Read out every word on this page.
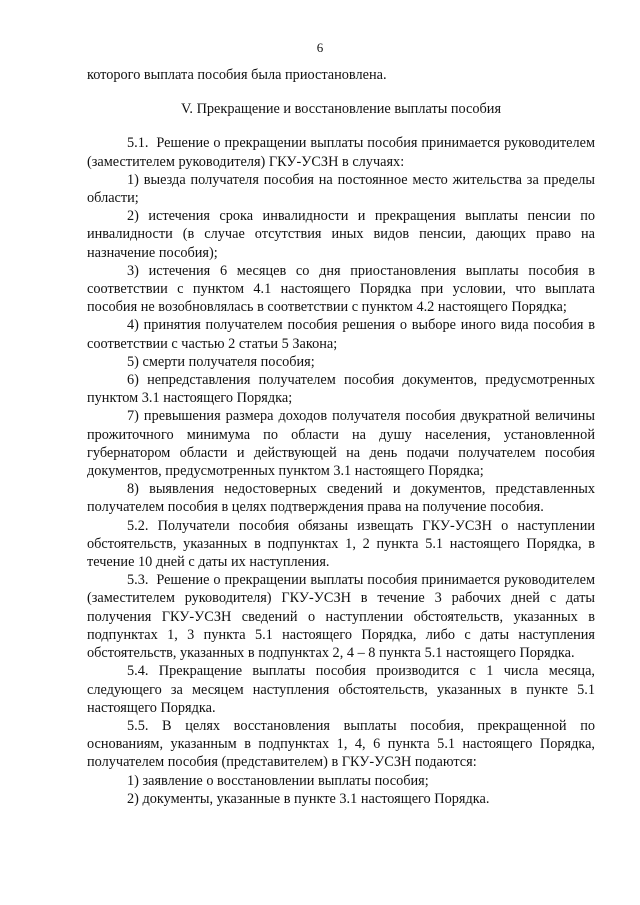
6

которого выплата пособия была приостановлена.

V. Прекращение и восстановление выплаты пособия

5.1.  Решение о прекращении выплаты пособия принимается руководителем (заместителем руководителя) ГКУ-УСЗН в случаях:

1) выезда получателя пособия на постоянное место жительства за пределы области;

2) истечения срока инвалидности и прекращения выплаты пенсии по инвалидности (в случае отсутствия иных видов пенсии, дающих право на назначение пособия);

3) истечения 6 месяцев со дня приостановления выплаты пособия в соответствии с пунктом 4.1 настоящего Порядка при условии, что выплата пособия не возобновлялась в соответствии с пунктом 4.2 настоящего Порядка;

4) принятия получателем пособия решения о выборе иного вида пособия в соответствии с частью 2 статьи 5 Закона;

5) смерти получателя пособия;

6) непредставления получателем пособия документов, предусмотренных пунктом 3.1 настоящего Порядка;

7) превышения размера доходов получателя пособия двукратной величины прожиточного минимума по области на душу населения, установленной губернатором области и действующей на день подачи получателем пособия документов, предусмотренных пунктом 3.1 настоящего Порядка;

8) выявления недостоверных сведений и документов, представленных получателем пособия в целях подтверждения права на получение пособия.

5.2. Получатели пособия обязаны извещать ГКУ-УСЗН о наступлении обстоятельств, указанных в подпунктах 1, 2 пункта 5.1 настоящего Порядка, в течение 10 дней с даты их наступления.

5.3.  Решение о прекращении выплаты пособия принимается руководителем (заместителем руководителя) ГКУ-УСЗН в течение 3 рабочих дней с даты получения ГКУ-УСЗН сведений о наступлении обстоятельств, указанных в подпунктах 1, 3 пункта 5.1 настоящего Порядка, либо с даты наступления обстоятельств, указанных в подпунктах 2, 4 – 8 пункта 5.1 настоящего Порядка.

5.4. Прекращение выплаты пособия производится с 1 числа месяца, следующего за месяцем наступления обстоятельств, указанных в пункте 5.1 настоящего Порядка.

5.5. В целях восстановления выплаты пособия, прекращенной по основаниям, указанным в подпунктах 1, 4, 6 пункта 5.1 настоящего Порядка, получателем пособия (представителем) в ГКУ-УСЗН подаются:

1) заявление о восстановлении выплаты пособия;

2) документы, указанные в пункте 3.1 настоящего Порядка.
